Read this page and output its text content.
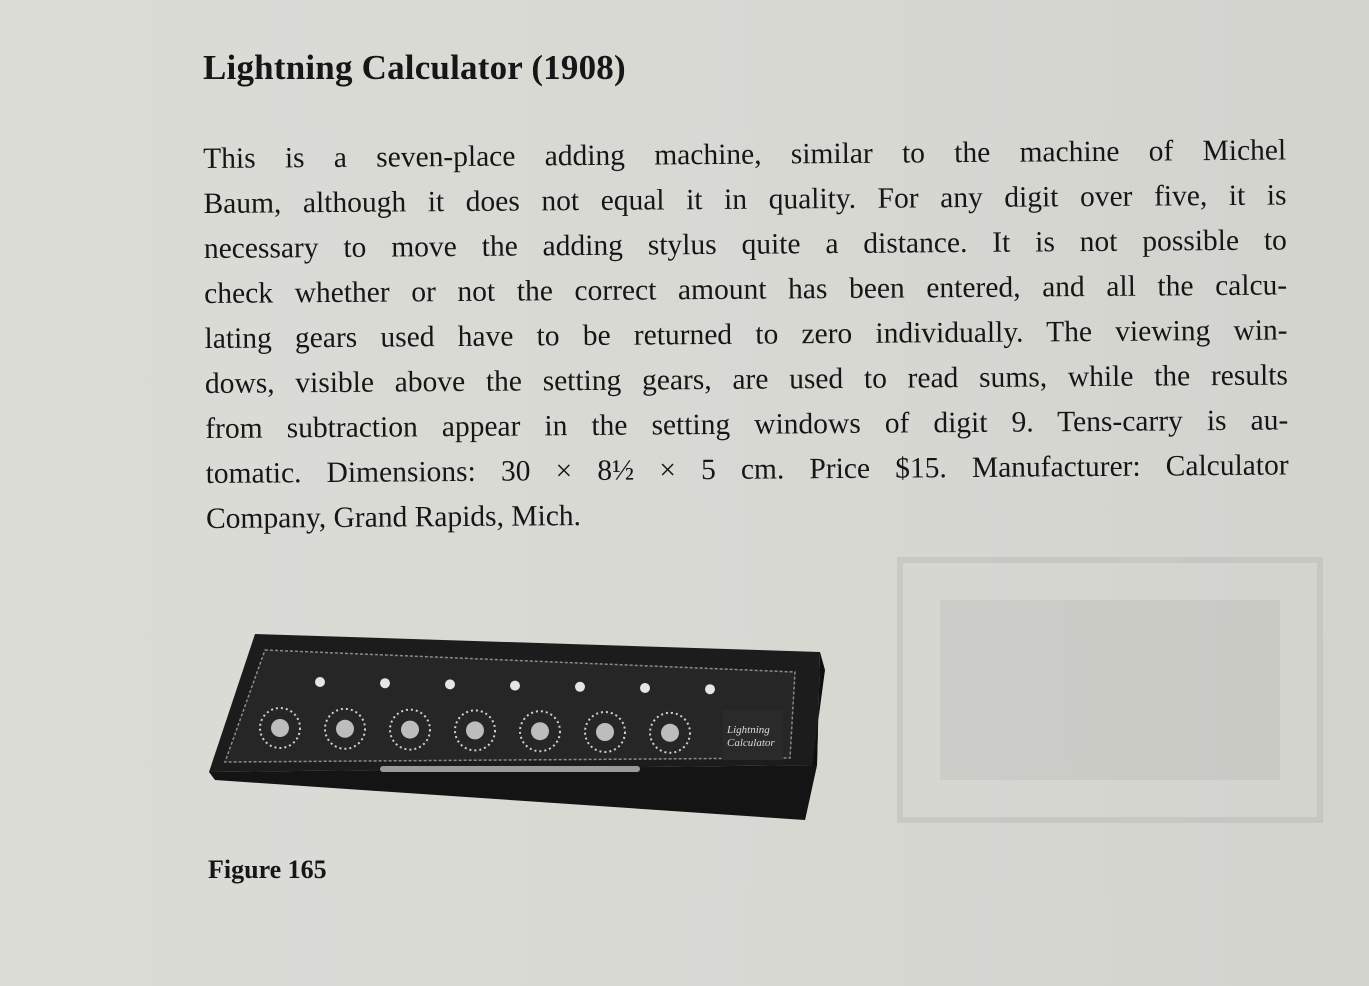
Lightning Calculator (1908)

This is a seven-place adding machine, similar to the machine of Michel
Baum, although it does not equal it in quality. For any digit over five, it is
necessary to move the adding stylus quite a distance. It is not possible to
check whether or not the correct amount has been entered, and all the calcu-
lating gears used have to be returned to zero individually. The viewing win-
dows, visible above the setting gears, are used to read sums, while the results
from subtraction appear in the setting windows of digit 9. Tens-carry is au-
tomatic. Dimensions: 30 × 8½ × 5 cm. Price $15. Manufacturer: Calculator
Company, Grand Rapids, Mich.

Lightning
Calculator

Figure 165
